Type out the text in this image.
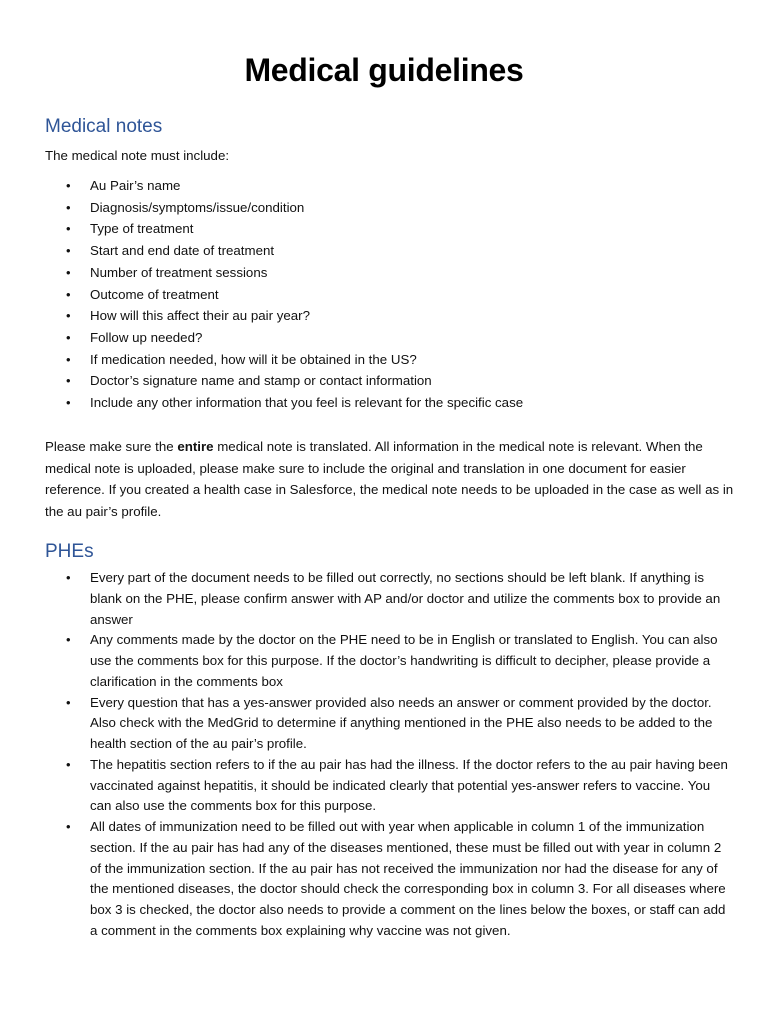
Medical guidelines
Medical notes

The medical note must include:

• Au Pair’s name
• Diagnosis/symptoms/issue/condition
• Type of treatment
• Start and end date of treatment
• Number of treatment sessions
• Outcome of treatment
• How will this affect their au pair year?
• Follow up needed?
• If medication needed, how will it be obtained in the US?
• Doctor’s signature name and stamp or contact information
• Include any other information that you feel is relevant for the specific case

Please make sure the entire medical note is translated. All information in the medical note is relevant. When the medical note is uploaded, please make sure to include the original and translation in one document for easier reference. If you created a health case in Salesforce, the medical note needs to be uploaded in the case as well as in the au pair’s profile.

PHEs
• Every part of the document needs to be filled out correctly, no sections should be left blank. If anything is blank on the PHE, please confirm answer with AP and/or doctor and utilize the comments box to provide an answer
• Any comments made by the doctor on the PHE need to be in English or translated to English. You can also use the comments box for this purpose. If the doctor’s handwriting is difficult to decipher, please provide a clarification in the comments box
• Every question that has a yes-answer provided also needs an answer or comment provided by the doctor. Also check with the MedGrid to determine if anything mentioned in the PHE also needs to be added to the health section of the au pair’s profile.
• The hepatitis section refers to if the au pair has had the illness. If the doctor refers to the au pair having been vaccinated against hepatitis, it should be indicated clearly that potential yes-answer refers to vaccine. You can also use the comments box for this purpose.
• All dates of immunization need to be filled out with year when applicable in column 1 of the immunization section. If the au pair has had any of the diseases mentioned, these must be filled out with year in column 2 of the immunization section. If the au pair has not received the immunization nor had the disease for any of the mentioned diseases, the doctor should check the corresponding box in column 3. For all diseases where box 3 is checked, the doctor also needs to provide a comment on the lines below the boxes, or staff can add a comment in the comments box explaining why vaccine was not given.
